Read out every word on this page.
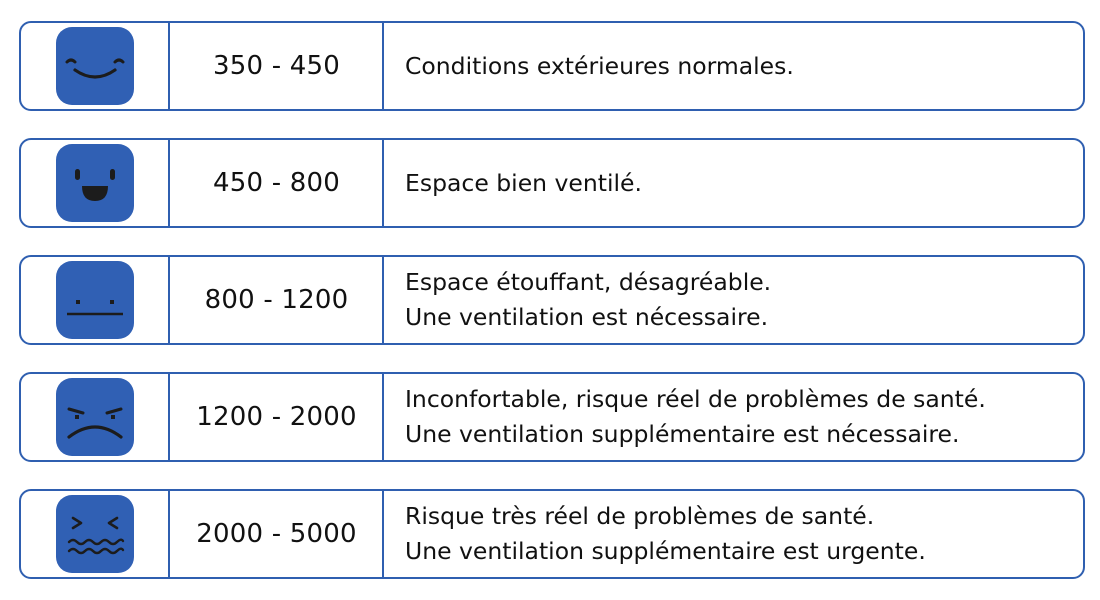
350 - 450	Conditions extérieures normales.
450 - 800	Espace bien ventilé.
800 - 1200
Espace étouffant, désagréable.
Une ventilation est nécessaire.
1200 - 2000
Inconfortable, risque réel de problèmes de santé.
Une ventilation supplémentaire est nécessaire.
2000 - 5000
Risque très réel de problèmes de santé.
Une ventilation supplémentaire est urgente.
